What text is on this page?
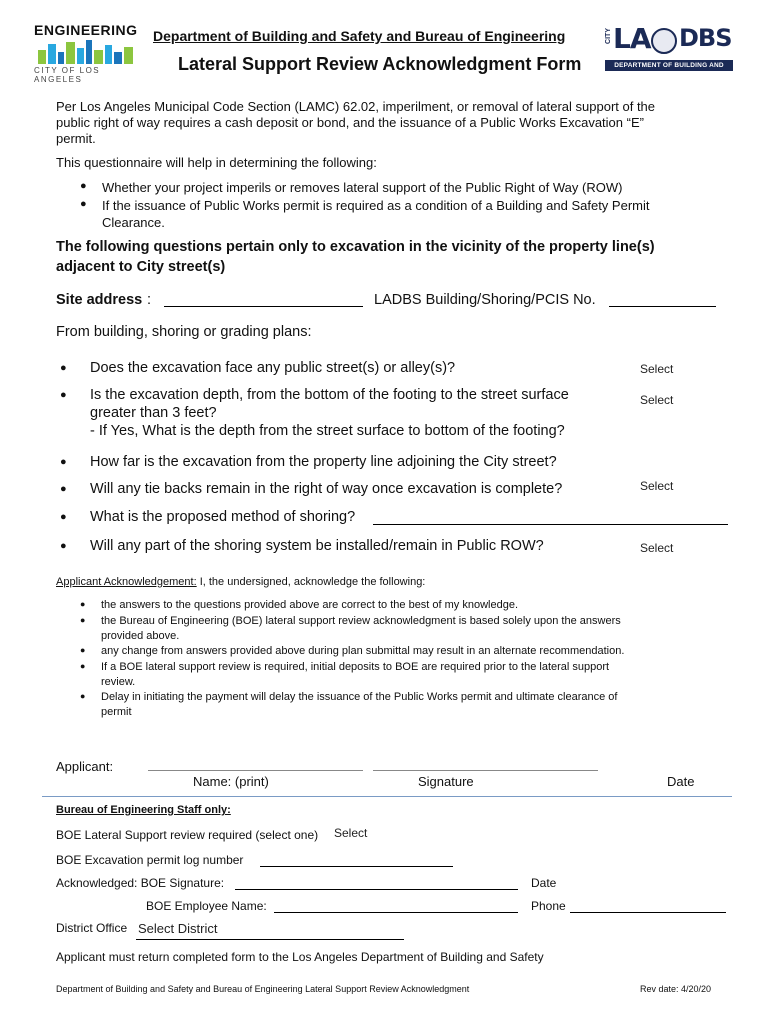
ENGINEERING
CITY OF LOS ANGELES
Department of Building and Safety and Bureau of Engineering
Lateral Support Review Acknowledgment Form
CITY LA DBS
DEPARTMENT OF BUILDING AND SAFETY
Per Los Angeles Municipal Code Section (LAMC) 62.02, imperilment, or removal of lateral support of the
public right of way requires a cash deposit or bond, and the issuance of a Public Works Excavation “E”
permit.
This questionnaire will help in determining the following:
● Whether your project imperils or removes lateral support of the Public Right of Way (ROW)
● If the issuance of Public Works permit is required as a condition of a Building and Safety Permit
Clearance.
The following questions pertain only to excavation in the vicinity of the property line(s)
adjacent to City street(s)
Site address :	LADBS Building/Shoring/PCIS No.
From building, shoring or grading plans:
● Does the excavation face any public street(s) or alley(s)?	Select
● Is the excavation depth, from the bottom of the footing to the street surface
greater than 3 feet?
- If Yes, What is the depth from the street surface to bottom of the footing?
Select
● How far is the excavation from the property line adjoining the City street?
● Will any tie backs remain in the right of way once excavation is complete?	Select
● What is the proposed method of shoring?
● Will any part of the shoring system be installed/remain in Public ROW?	Select
Applicant Acknowledgement: I, the undersigned, acknowledge the following:
● the answers to the questions provided above are correct to the best of my knowledge.
● the Bureau of Engineering (BOE) lateral support review acknowledgment is based solely upon the answers
provided above.
● any change from answers provided above during plan submittal may result in an alternate recommendation.
● If a BOE lateral support review is required, initial deposits to BOE are required prior to the lateral support
review.
● Delay in initiating the payment will delay the issuance of the Public Works permit and ultimate clearance of
permit
Applicant:
Name: (print)	Signature	Date
Bureau of Engineering Staff only:
BOE Lateral Support review required (select one) Select
BOE Excavation permit log number
Acknowledged: BOE Signature:	Date
BOE Employee Name:	Phone
District Office Select District
Applicant must return completed form to the Los Angeles Department of Building and Safety
Department of Building and Safety and Bureau of Engineering Lateral Support Review Acknowledgment	Rev date: 4/20/20
